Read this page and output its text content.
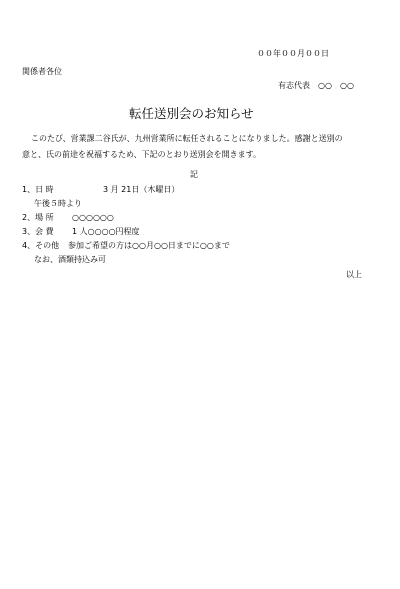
００年００月００日
関係者各位
有志代表　○○　○○
転任送別会のお知らせ
このたび、営業課二谷氏が、九州営業所に転任されることになりました。感謝と送別の
意と、氏の前途を祝福するため、下記のとおり送別会を開きます。
記
1、日 時	3 月 21日（木曜日）
午後５時より
2、場 所 ○○○○○○
3、会 費 1 人○○○○円程度
4、その他 参加ご希望の方は○○月○○日までに○○まで
なお、酒類持込み可
以上
